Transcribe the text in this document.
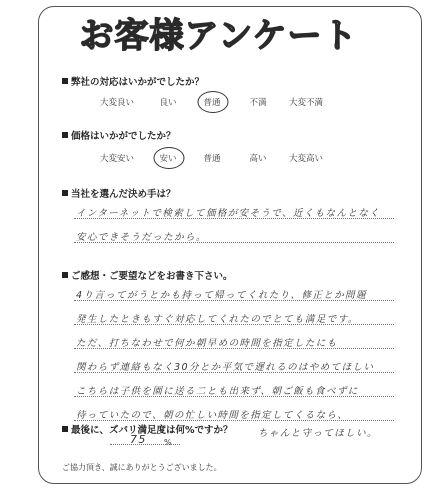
お客様アンケート
弊社の対応はいかがでしたか？
大変良い	良い	普通	不満	大変不満
価格はいかがでしたか？
大変安い	安い	普通	高い	大変高い
当社を選んだ決め手は？
インターネットで検索して価格が安そうで、近くもなんとなく
安心できそうだったから。
ご感想・ご要望などをお書き下さい。
4り言ってがうとかも持って帰ってくれたり、修正とか問題
発生したときもすぐ対応してくれたのでとても満足です。
ただ、打ちなわせで何か朝早めの時間を指定したにも
関わらず連絡もなく30分とか平気で遅れるのはやめてほしい
こちらは子供を園に送る二とも出来ず、朝ご飯も食べずに
待っていたので、朝の忙しい時間を指定してくるなら、
ちゃんと守ってほしい。
最後に、ズバリ満足度は何%ですか？
75 %
ご協力頂き、誠にありがとうございました。
